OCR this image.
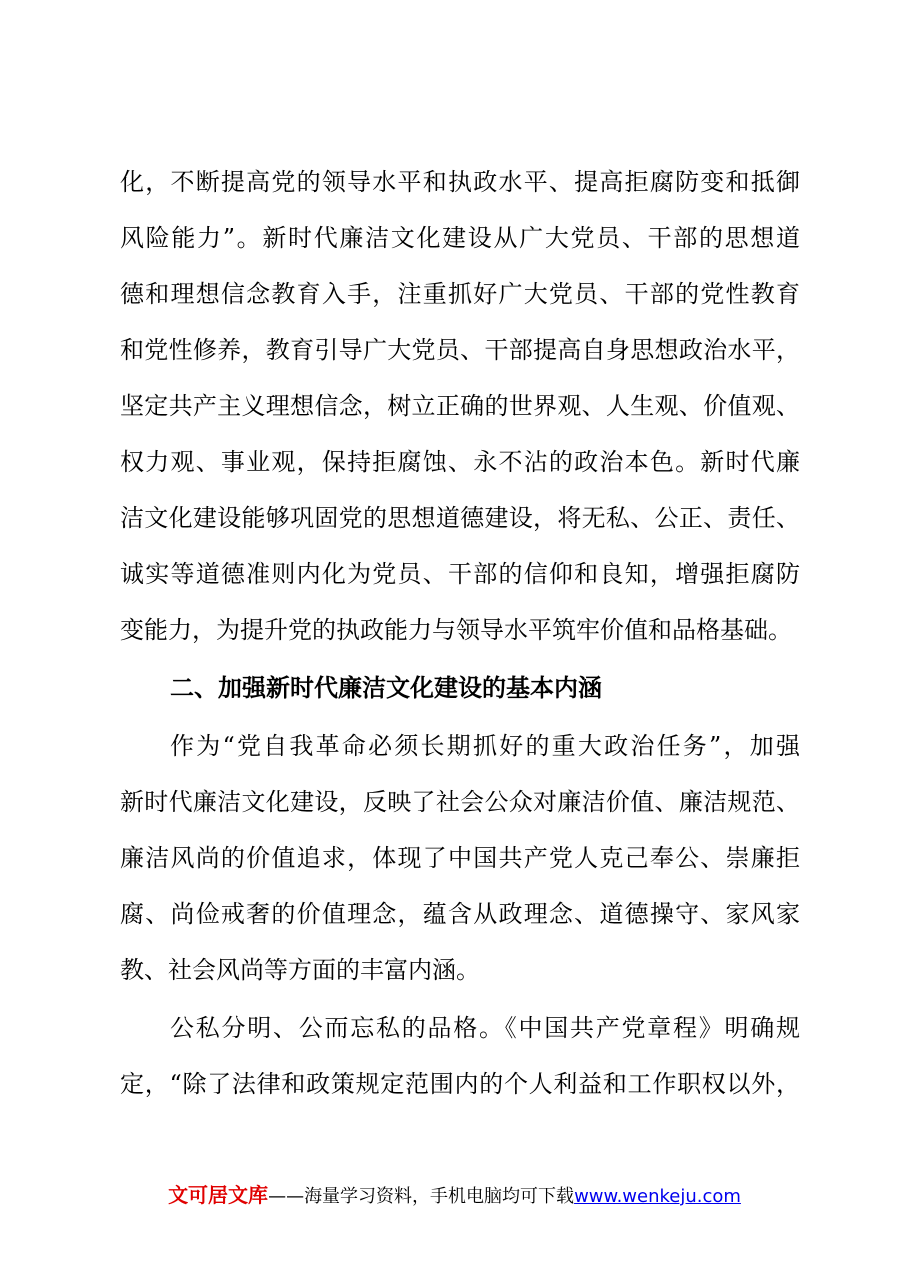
化，不断提高党的领导水平和执政水平、提高拒腐防变和抵御
风险能力”。新时代廉洁文化建设从广大党员、干部的思想道
德和理想信念教育入手，注重抓好广大党员、干部的党性教育
和党性修养，教育引导广大党员、干部提高自身思想政治水平，
坚定共产主义理想信念，树立正确的世界观、人生观、价值观、
权力观、事业观，保持拒腐蚀、永不沾的政治本色。新时代廉
洁文化建设能够巩固党的思想道德建设，将无私、公正、责任、
诚实等道德准则内化为党员、干部的信仰和良知，增强拒腐防
变能力，为提升党的执政能力与领导水平筑牢价值和品格基础。
二、加强新时代廉洁文化建设的基本内涵
作为“党自我革命必须长期抓好的重大政治任务”，加强
新时代廉洁文化建设，反映了社会公众对廉洁价值、廉洁规范、
廉洁风尚的价值追求，体现了中国共产党人克己奉公、崇廉拒
腐、尚俭戒奢的价值理念，蕴含从政理念、道德操守、家风家
教、社会风尚等方面的丰富内涵。
公私分明、公而忘私的品格。《中国共产党章程》明确规
定，“除了法律和政策规定范围内的个人利益和工作职权以外，
文可居文库——海量学习资料，手机电脑均可下载www.wenkeju.com
